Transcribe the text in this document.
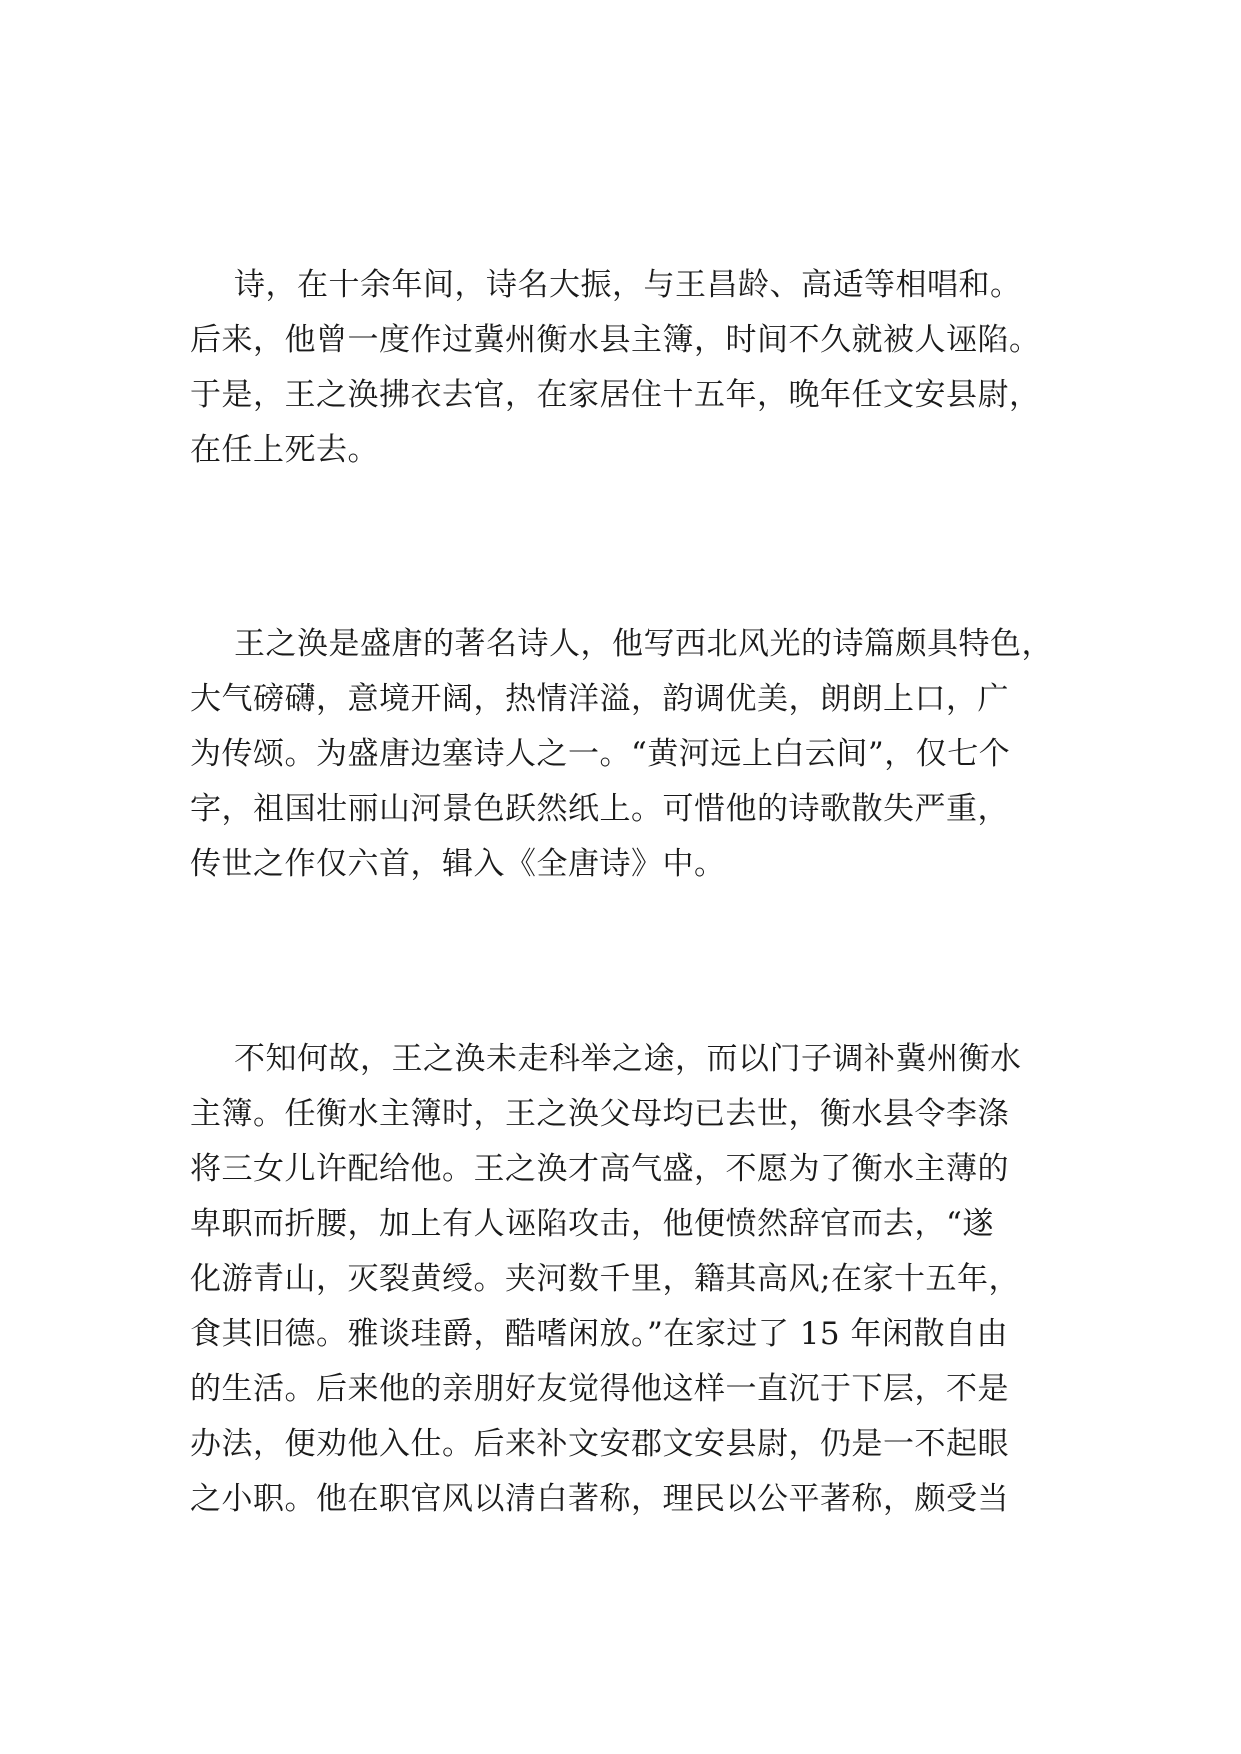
诗，在十余年间，诗名大振，与王昌龄、高适等相唱和。
后来，他曾一度作过冀州衡水县主簿，时间不久就被人诬陷。
于是，王之涣拂衣去官，在家居住十五年，晚年任文安县尉，
在任上死去。
王之涣是盛唐的著名诗人，他写西北风光的诗篇颇具特色，
大气磅礴，意境开阔，热情洋溢，韵调优美，朗朗上口，广
为传颂。为盛唐边塞诗人之一。“黄河远上白云间”，仅七个
字，祖国壮丽山河景色跃然纸上。可惜他的诗歌散失严重，
传世之作仅六首，辑入《全唐诗》中。
不知何故，王之涣未走科举之途，而以门子调补冀州衡水
主簿。任衡水主簿时，王之涣父母均已去世，衡水县令李涤
将三女儿许配给他。王之涣才高气盛，不愿为了衡水主薄的
卑职而折腰，加上有人诬陷攻击，他便愤然辞官而去，“遂
化游青山，灭裂黄绶。夹河数千里，籍其高风;在家十五年，
食其旧德。雅谈珪爵，酷嗜闲放。”在家过了 15 年闲散自由
的生活。后来他的亲朋好友觉得他这样一直沉于下层，不是
办法，便劝他入仕。后来补文安郡文安县尉，仍是一不起眼
之小职。他在职官风以清白著称，理民以公平著称，颇受当
